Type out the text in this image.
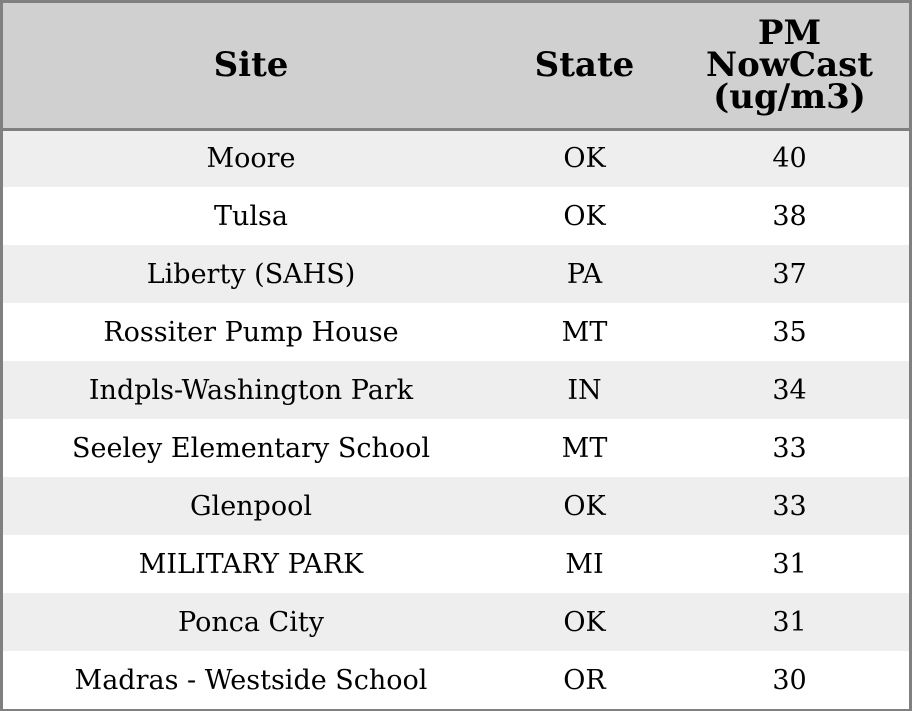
Site	State	PM
NowCast
(ug/m3)

Moore	OK	40
Tulsa	OK	38
Liberty (SAHS)	PA	37
Rossiter Pump House	MT	35
Indpls-Washington Park	IN	34
Seeley Elementary School	MT	33
Glenpool	OK	33
MILITARY PARK	MI	31
Ponca City	OK	31
Madras - Westside School	OR	30
